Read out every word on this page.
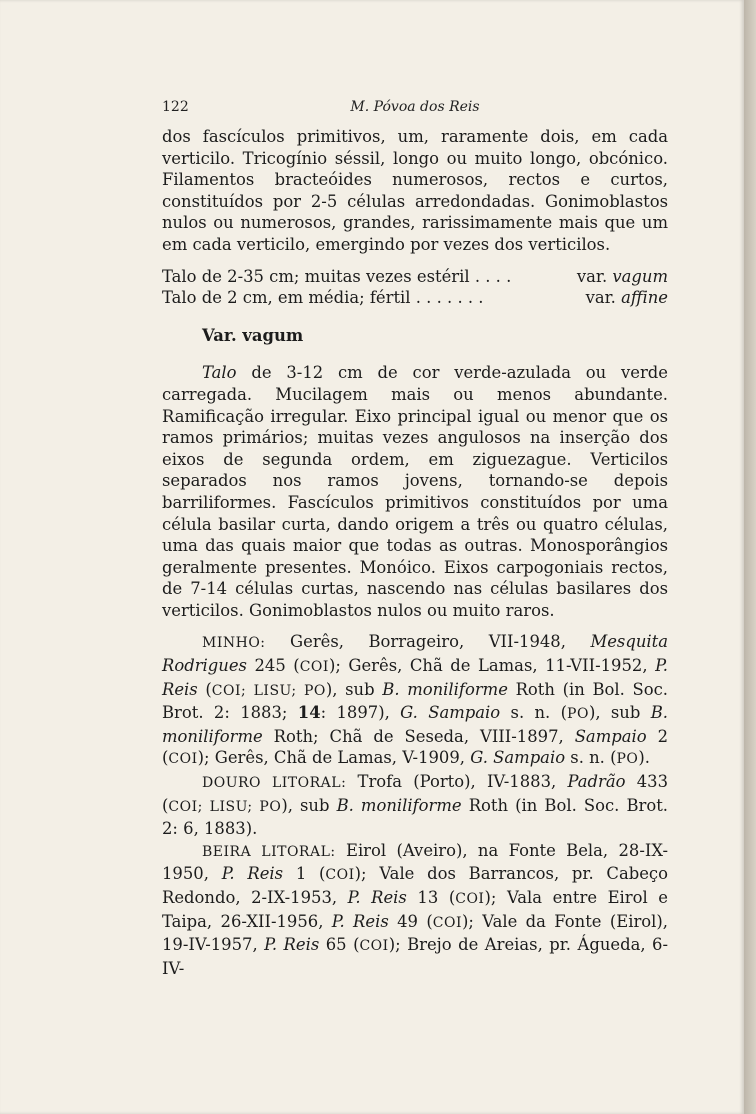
122	M. Póvoa dos Reis

dos fascículos primitivos, um, raramente dois, em cada verticilo. Tricogínio séssil, longo ou muito longo, obcónico. Filamentos bracteóides numerosos, rectos e curtos, constituídos por 2-5 células arredondadas. Gonimoblastos nulos ou numerosos, grandes, rarissimamente mais que um em cada verticilo, emergindo por vezes dos verticilos.

Talo de 2-35 cm; muitas vezes estéril . . . .	var. vagum
Talo de 2 cm, em média; fértil . . . . . . .	var. affine

Var. vagum

Talo de 3-12 cm de cor verde-azulada ou verde carregada. Mucilagem mais ou menos abundante. Ramificação irregular. Eixo principal igual ou menor que os ramos primários; muitas vezes angulosos na inserção dos eixos de segunda ordem, em ziguezague. Verticilos separados nos ramos jovens, tornando-se depois barriliformes. Fascículos primitivos constituídos por uma célula basilar curta, dando origem a três ou quatro células, uma das quais maior que todas as outras. Monosporângios geralmente presentes. Monóico. Eixos carpogoniais rectos, de 7-14 células curtas, nascendo nas células basilares dos verticilos. Gonimoblastos nulos ou muito raros.

MINHO: Gerês, Borrageiro, VII-1948, Mesquita Rodrigues 245 (COI); Gerês, Chã de Lamas, 11-VII-1952, P. Reis (COI; LISU; PO), sub B. moniliforme Roth (in Bol. Soc. Brot. 2: 1883; 14: 1897), G. Sampaio s. n. (PO), sub B. moniliforme Roth; Chã de Seseda, VIII-1897, Sampaio 2 (COI); Gerês, Chã de Lamas, V-1909, G. Sampaio s. n. (PO).

DOURO LITORAL: Trofa (Porto), IV-1883, Padrão 433 (COI; LISU; PO), sub B. moniliforme Roth (in Bol. Soc. Brot. 2: 6, 1883).

BEIRA LITORAL: Eirol (Aveiro), na Fonte Bela, 28-IX-1950, P. Reis 1 (COI); Vale dos Barrancos, pr. Cabeço Redondo, 2-IX-1953, P. Reis 13 (COI); Vala entre Eirol e Taipa, 26-XII-1956, P. Reis 49 (COI); Vale da Fonte (Eirol), 19-IV-1957, P. Reis 65 (COI); Brejo de Areias, pr. Águeda, 6-IV-
